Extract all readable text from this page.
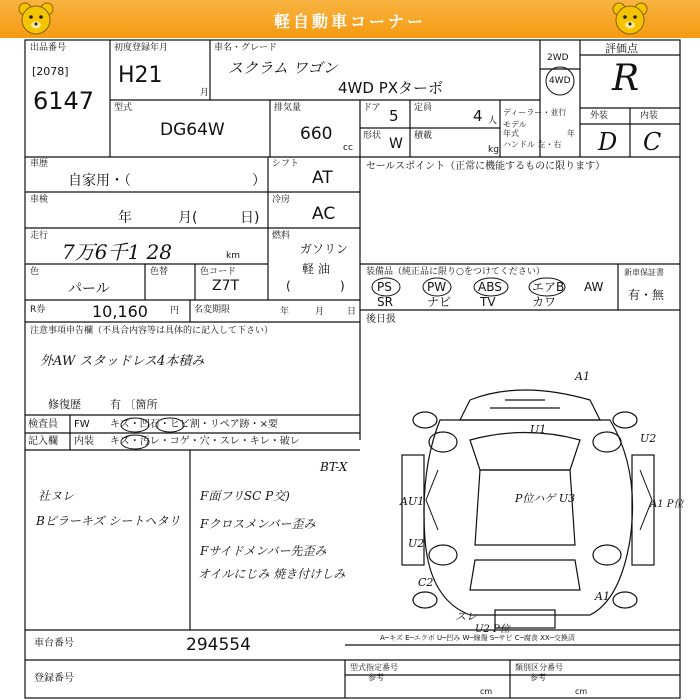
軽自動車コーナー
出品番号
[2078]
6147
初度登録年月
H21
月
車名・グレード
スクラム ワゴン
4WD PXターボ
2WD
4WD
評価点
R
外装	内装
D C
型式
DG64W
排気量
660
cc
ドア 5
形状 W
定員	4 人
積載
kg
ディーラー・並行
モデル
年式	年
ハンドル 左・右
車歴
自家用・（	）
シフト
AT
車検
年	月(	日)
冷房
AC
走行
7万6千1 28	km
燃料
ガソリン
軽 油
(	)
色
パール
色替	色コード
Z7T
R券	10,160 円 名変期限	年	月	日
注意事項申告欄（不具合内容等は具体的に記入して下さい）
外AW スタッドレス4本積み
修復歴	有 〔箇所
セールスポイント（正常に機能するものに限ります）
装備品（純正品に限り○をつけてください）	新車保証書
有・無
PS	PW	ABS	エアB AW
SR	ナビ TV	カワ
後日扱
検査員
記入欄
FW キズ・凹石・ヒビ割・リペア跡・×要
内装 キズ・汚レ・コゲ・穴・スレ・キレ・破レ
社ヌレ
Bピラーキズ シートヘタリ
BT-X
F面フリSC P交)
Fクロスメンバー歪み
Fサイドメンバー先歪み
オイルにじみ 焼き付けしみ
A1
U2
U1
AU1	P位ハゲ U3	A1 P位
U2
C2
スレ
U2 P位
A1
車台番号	294554
登録番号
A─キズ E─エクボ U─凹み W─線傷 S─サビ C─腐食 XX─交換済
型式指定番号
参考
類別区分番号
参考
cm	cm
